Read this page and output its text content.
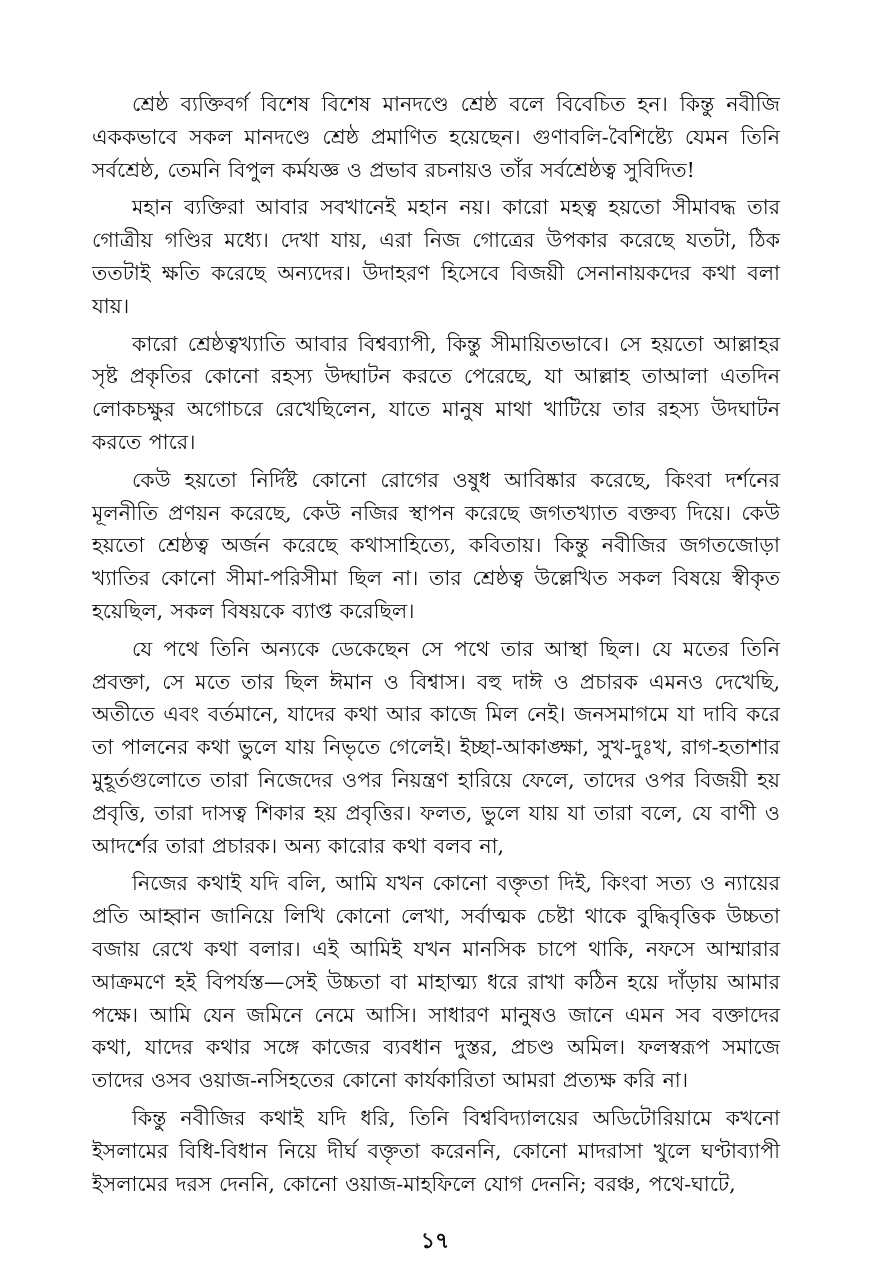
শ্রেষ্ঠ ব্যক্তিবর্গ বিশেষ বিশেষ মানদণ্ডে শ্রেষ্ঠ বলে বিবেচিত হন। কিন্তু নবীজি এককভাবে সকল মানদণ্ডে শ্রেষ্ঠ প্রমাণিত হয়েছেন। গুণাবলি-বৈশিষ্ট্যে যেমন তিনি সর্বশ্রেষ্ঠ, তেমনি বিপুল কর্মযজ্ঞ ও প্রভাব রচনায়ও তাঁর সর্বশ্রেষ্ঠত্ব সুবিদিত!

মহান ব্যক্তিরা আবার সবখানেই মহান নয়। কারো মহত্ব হয়তো সীমাবদ্ধ তার গোত্রীয় গণ্ডির মধ্যে। দেখা যায়, এরা নিজ গোত্রের উপকার করেছে যতটা, ঠিক ততটাই ক্ষতি করেছে অন্যদের। উদাহরণ হিসেবে বিজয়ী সেনানায়কদের কথা বলা যায়।

কারো শ্রেষ্ঠত্বখ্যাতি আবার বিশ্বব্যাপী, কিন্তু সীমায়িতভাবে। সে হয়তো আল্লাহর সৃষ্ট প্রকৃতির কোনো রহস্য উদ্ঘাটন করতে পেরেছে, যা আল্লাহ তাআলা এতদিন লোকচক্ষুর অগোচরে রেখেছিলেন, যাতে মানুষ মাথা খাটিয়ে তার রহস্য উদঘাটন করতে পারে।

কেউ হয়তো নির্দিষ্ট কোনো রোগের ওষুধ আবিষ্কার করেছে, কিংবা দর্শনের মূলনীতি প্রণয়ন করেছে, কেউ নজির স্থাপন করেছে জগতখ্যাত বক্তব্য দিয়ে। কেউ হয়তো শ্রেষ্ঠত্ব অর্জন করেছে কথাসাহিত্যে, কবিতায়। কিন্তু নবীজির জগতজোড়া খ্যাতির কোনো সীমা-পরিসীমা ছিল না। তার শ্রেষ্ঠত্ব উল্লেখিত সকল বিষয়ে স্বীকৃত হয়েছিল, সকল বিষয়কে ব্যাপ্ত করেছিল।

যে পথে তিনি অন্যকে ডেকেছেন সে পথে তার আস্থা ছিল। যে মতের তিনি প্রবক্তা, সে মতে তার ছিল ঈমান ও বিশ্বাস। বহু দাঈ ও প্রচারক এমনও দেখেছি, অতীতে এবং বর্তমানে, যাদের কথা আর কাজে মিল নেই। জনসমাগমে যা দাবি করে তা পালনের কথা ভুলে যায় নিভৃতে গেলেই। ইচ্ছা-আকাঙ্ক্ষা, সুখ-দুঃখ, রাগ-হতাশার মুহূর্তগুলোতে তারা নিজেদের ওপর নিয়ন্ত্রণ হারিয়ে ফেলে, তাদের ওপর বিজয়ী হয় প্রবৃত্তি, তারা দাসত্ব শিকার হয় প্রবৃত্তির। ফলত, ভুলে যায় যা তারা বলে, যে বাণী ও আদর্শের তারা প্রচারক। অন্য কারোর কথা বলব না,

নিজের কথাই যদি বলি, আমি যখন কোনো বক্তৃতা দিই, কিংবা সত্য ও ন্যায়ের প্রতি আহ্বান জানিয়ে লিখি কোনো লেখা, সর্বাত্মক চেষ্টা থাকে বুদ্ধিবৃত্তিক উচ্চতা বজায় রেখে কথা বলার। এই আমিই যখন মানসিক চাপে থাকি, নফসে আম্মারার আক্রমণে হই বিপর্যস্ত—সেই উচ্চতা বা মাহাত্ম্য ধরে রাখা কঠিন হয়ে দাঁড়ায় আমার পক্ষে। আমি যেন জমিনে নেমে আসি। সাধারণ মানুষও জানে এমন সব বক্তাদের কথা, যাদের কথার সঙ্গে কাজের ব্যবধান দুস্তর, প্রচণ্ড অমিল। ফলস্বরূপ সমাজে তাদের ওসব ওয়াজ-নসিহতের কোনো কার্যকারিতা আমরা প্রত্যক্ষ করি না।

কিন্তু নবীজির কথাই যদি ধরি, তিনি বিশ্ববিদ্যালয়ের অডিটোরিয়ামে কখনো ইসলামের বিধি-বিধান নিয়ে দীর্ঘ বক্তৃতা করেননি, কোনো মাদরাসা খুলে ঘণ্টাব্যাপী ইসলামের দরস দেননি, কোনো ওয়াজ-মাহফিলে যোগ দেননি; বরঞ্চ, পথে-ঘাটে,

১৭
